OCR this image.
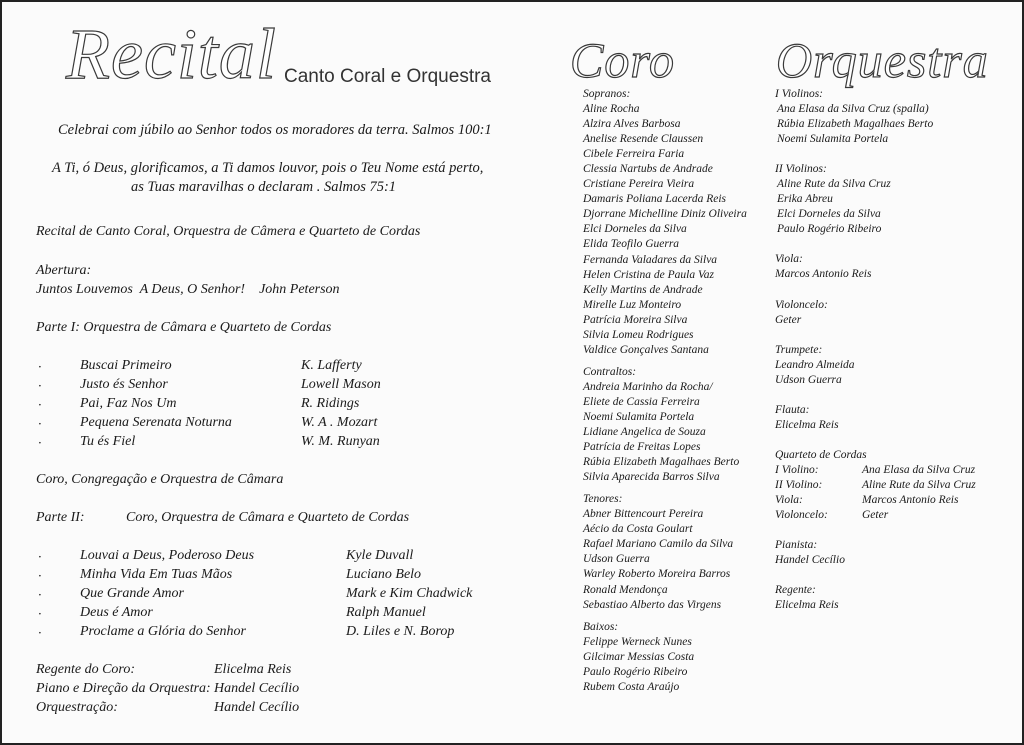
Recital Canto Coral e Orquestra
Celebrai com júbilo ao Senhor todos os moradores da terra. Salmos 100:1
A Ti, ó Deus, glorificamos, a Ti damos louvor, pois o Teu Nome está perto,
as Tuas maravilhas o declaram . Salmos 75:1
Recital de Canto Coral, Orquestra de Câmera e Quarteto de Cordas
Abertura:
Juntos Louvemos  A Deus, O Senhor!    John Peterson
Parte I: Orquestra de Câmara e Quarteto de Cordas
·	Buscai Primeiro	K. Lafferty
·	Justo és Senhor	Lowell Mason
·	Pai, Faz Nos Um	R. Ridings
·	Pequena Serenata Noturna	W. A . Mozart
·	Tu és Fiel	W. M. Runyan
Coro, Congregação e Orquestra de Câmara
Parte II:	Coro, Orquestra de Câmara e Quarteto de Cordas
·	Louvai a Deus, Poderoso Deus	Kyle Duvall
·	Minha Vida Em Tuas Mãos	Luciano Belo
·	Que Grande Amor	Mark e Kim Chadwick
·	Deus é Amor	Ralph Manuel
·	Proclame a Glória do Senhor	D. Liles e N. Borop
Regente do Coro:	Elicelma Reis
Piano e Direção da Orquestra: Handel Cecílio
Orquestração:	Handel Cecílio
Coro Orquestra
Sopranos:
Aline Rocha
Alzira Alves Barbosa
Anelise Resende Claussen
Cibele Ferreira Faria
Clessia Nartubs de Andrade
Cristiane Pereira Vieira
Damaris Poliana Lacerda Reis
Djorrane Michelline Diniz Oliveira
Elci Dorneles da Silva
Elida Teofilo Guerra
Fernanda Valadares da Silva
Helen Cristina de Paula Vaz
Kelly Martins de Andrade
Mirelle Luz Monteiro
Patrícia Moreira Silva
Silvia Lomeu Rodrigues
Valdice Gonçalves Santana
Contraltos:
Andreia Marinho da Rocha/
Eliete de Cassia Ferreira
Noemi Sulamita Portela
Lidiane Angelica de Souza
Patrícia de Freitas Lopes
Rúbia Elizabeth Magalhaes Berto
Silvia Aparecida Barros Silva
Tenores:
Abner Bittencourt Pereira
Aécio da Costa Goulart
Rafael Mariano Camilo da Silva
Udson Guerra
Warley Roberto Moreira Barros
Ronald Mendonça
Sebastiao Alberto das Virgens
Baixos:
Felippe Werneck Nunes
Gilcimar Messias Costa
Paulo Rogério Ribeiro
Rubem Costa Araújo
I Violinos:
Ana Elasa da Silva Cruz (spalla)
Rúbia Elizabeth Magalhaes Berto
Noemi Sulamita Portela
II Violinos:
Aline Rute da Silva Cruz
Erika Abreu
Elci Dorneles da Silva
Paulo Rogério Ribeiro
Viola:
Marcos Antonio Reis
Violoncelo:
Geter
Trumpete:
Leandro Almeida
Udson Guerra
Flauta:
Elicelma Reis
Quarteto de Cordas
I Violino:	Ana Elasa da Silva Cruz
II Violino:	Aline Rute da Silva Cruz
Viola:	Marcos Antonio Reis
Violoncelo:	Geter
Pianista:
Handel Cecílio
Regente:
Elicelma Reis
